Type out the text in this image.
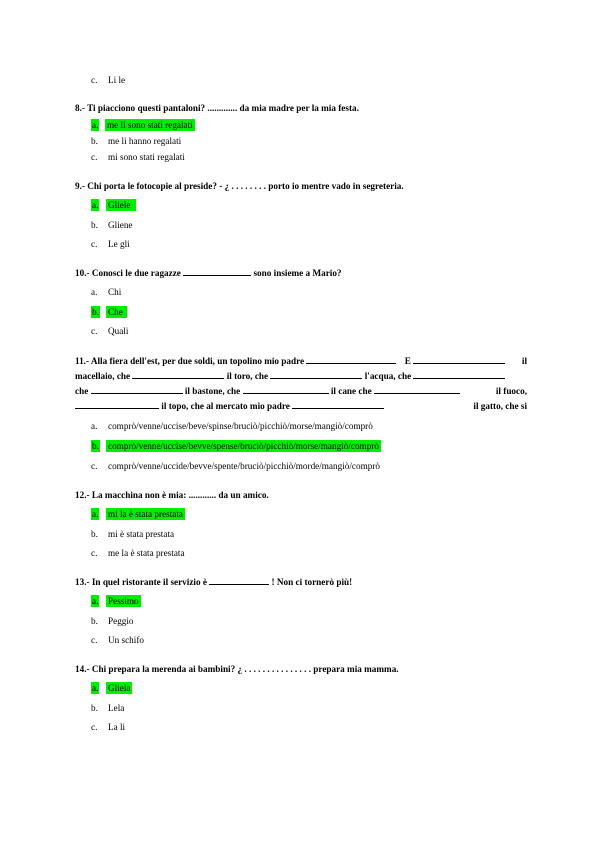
c. Li le
8.- Ti piacciono questi pantaloni? ............. da mia madre per la mia festa.
a. me li sono stati regalati
b. me li hanno regalati
c. mi sono stati regalati
9.- Chi porta le fotocopie al preside? - ¿ . . . . . . . . porto io mentre vado in segreteria.
a. Gliele
b. Gliene
c. Le gli
10.- Conosci le due ragazze	sono insieme a Mario?
a. Chi
b. Che
c. Quali
11.- Alla fiera dell'est, per due soldi, un topolino mio padre	E	il
macellaio, che	il toro, che	l'acqua, che
il fuoco,
che	il bastone, che	il cane che
il gatto, che si
il topo, che al mercato mio padre
a. comprò/venne/uccise/beve/spinse/bruciò/picchiò/morse/mangiò/comprò
b. comprò/venne/uccise/bevve/spense/bruciò/picchiò/morse/mangiò/comprò
c. comprò/venne/uccide/bevve/spente/bruciò/picchiò/morde/mangiò/comprò
12.- La macchina non è mia: ............ da un amico.
a. mi la è stata prestata
b. mi è stata prestata
c. me la è stata prestata
13.- In quel ristorante il servizio è	! Non ci tornerò più!
a. Pessimo
b. Peggio
c. Un schifo
14.- Chi prepara la merenda ai bambini? ¿ . . . . . . . . . . . . . . . prepara mia mamma.
a. Gliela
b. Lela
c. La li
